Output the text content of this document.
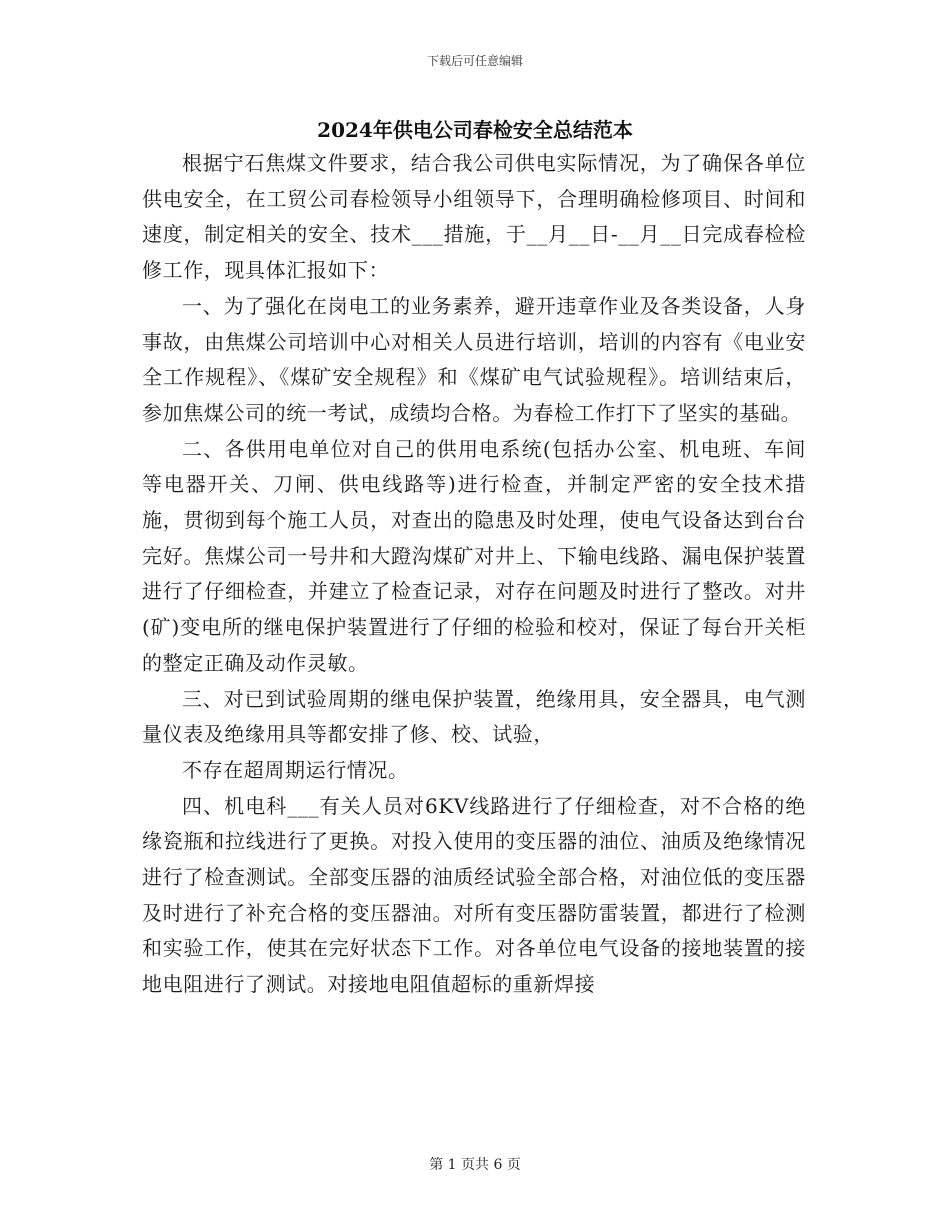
下载后可任意编辑
2024年供电公司春检安全总结范本

根据宁石焦煤文件要求，结合我公司供电实际情况，为了确保各单位供电安全，在工贸公司春检领导小组领导下，合理明确检修项目、时间和速度，制定相关的安全、技术___措施，于__月__日-__月__日完成春检检修工作，现具体汇报如下：

一、为了强化在岗电工的业务素养，避开违章作业及各类设备，人身事故，由焦煤公司培训中心对相关人员进行培训，培训的内容有《电业安全工作规程》、《煤矿安全规程》和《煤矿电气试验规程》。培训结束后，参加焦煤公司的统一考试，成绩均合格。为春检工作打下了坚实的基础。

二、各供用电单位对自己的供用电系统(包括办公室、机电班、车间等电器开关、刀闸、供电线路等)进行检查，并制定严密的安全技术措施，贯彻到每个施工人员，对查出的隐患及时处理，使电气设备达到台台完好。焦煤公司一号井和大蹬沟煤矿对井上、下输电线路、漏电保护装置进行了仔细检查，并建立了检查记录，对存在问题及时进行了整改。对井(矿)变电所的继电保护装置进行了仔细的检验和校对，保证了每台开关柜的整定正确及动作灵敏。

三、对已到试验周期的继电保护装置，绝缘用具，安全器具，电气测量仪表及绝缘用具等都安排了修、校、试验，

不存在超周期运行情况。

四、机电科___有关人员对6KV线路进行了仔细检查，对不合格的绝缘瓷瓶和拉线进行了更换。对投入使用的变压器的油位、油质及绝缘情况进行了检查测试。全部变压器的油质经试验全部合格，对油位低的变压器及时进行了补充合格的变压器油。对所有变压器防雷装置，都进行了检测和实验工作，使其在完好状态下工作。对各单位电气设备的接地装置的接地电阻进行了测试。对接地电阻值超标的重新焊接

第 1 页共 6 页
